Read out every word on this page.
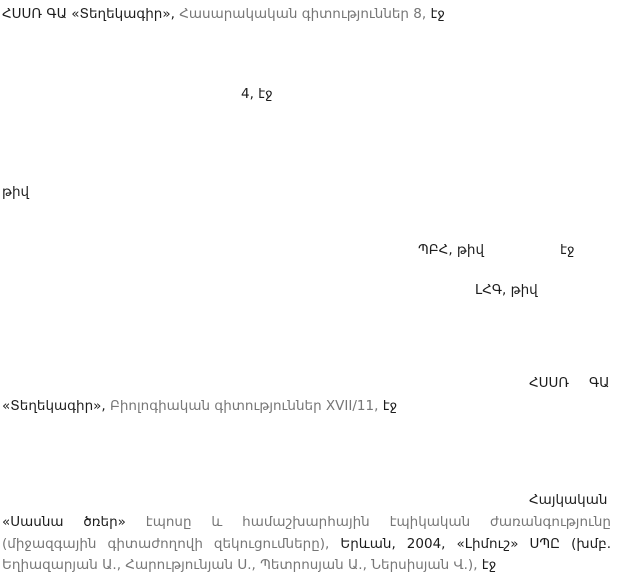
ՀՍՍՌ ԳԱ «Տեղեկագիր», Հասարակական գիտություններ 8, էջ
4, էջ
թիվ
ՊԲՀ, թիվ	էջ
ԼՀԳ, թիվ
ՀՍՍՌ ԳԱ
«Տեղեկագիր», Բիոլոգիական գիտություններ XVII/11, էջ
Հայկական
«Սասնա ծռեր» էպոսը և համաշխարհային էպիկական ժառանգությունը
(միջազգային գիտաժողովի զեկուցումները), Երևան, 2004, «Լիմուշ» ՍՊԸ (խմբ.
Եղիազարյան Ա., Հարությունյան Ս., Պետրոսյան Ա., Ներսիսյան Վ.), էջ
